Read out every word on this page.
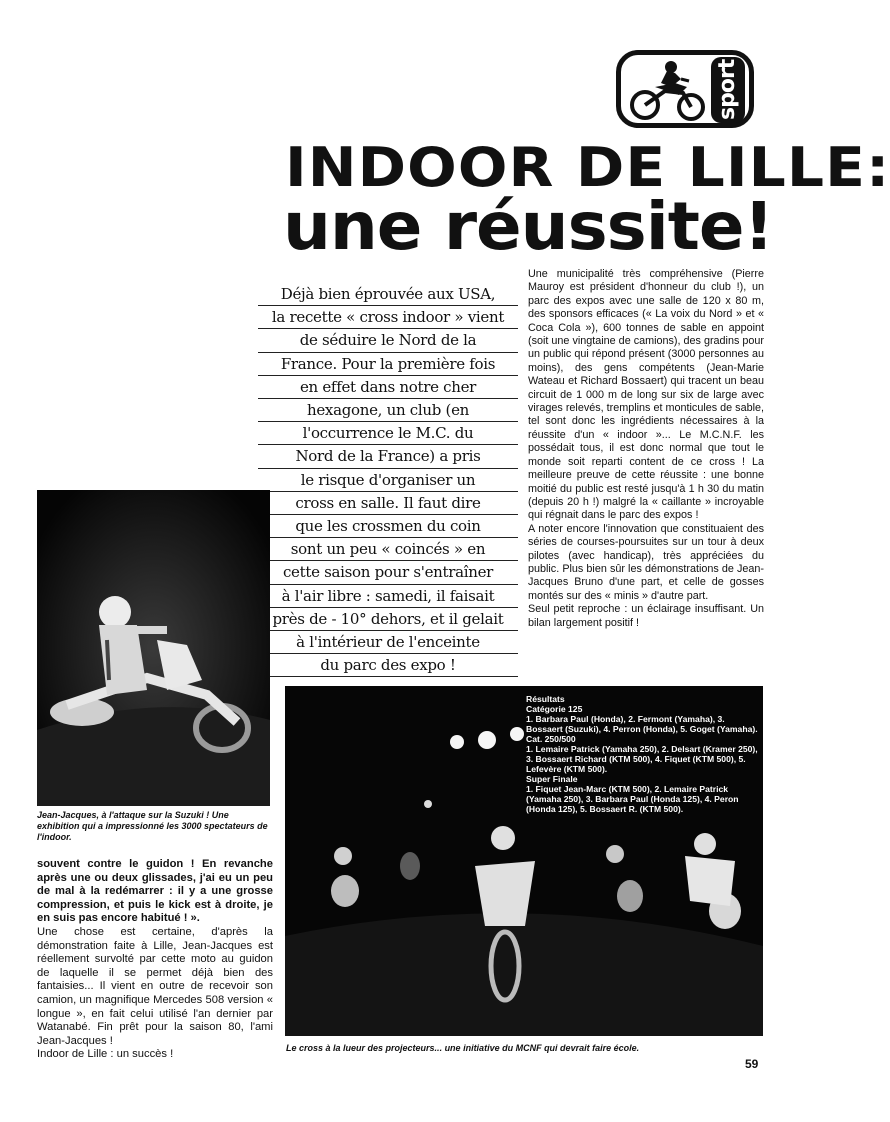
sport
INDOOR DE LILLE:
une réussite!
Déjà bien éprouvée aux USA,
la recette « cross indoor » vient
de séduire le Nord de la
France. Pour la première fois
en effet dans notre cher
hexagone, un club (en
l'occurrence le M.C. du
Nord de la France) a pris
le risque d'organiser un
cross en salle. Il faut dire
que les crossmen du coin
sont un peu « coincés » en
cette saison pour s'entraîner
à l'air libre : samedi, il faisait
près de - 10° dehors, et il gelait
à l'intérieur de l'enceinte
du parc des expo !

Une municipalité très compréhensive (Pierre Mauroy est président d'honneur du club !), un parc des expos avec une salle de 120 x 80 m, des sponsors efficaces (« La voix du Nord » et « Coca Cola »), 600 tonnes de sable en appoint (soit une vingtaine de camions), des gradins pour un public qui répond présent (3000 personnes au moins), des gens compétents (Jean-Marie Wateau et Richard Bossaert) qui tracent un beau circuit de 1 000 m de long sur six de large avec virages relevés, tremplins et monticules de sable, tel sont donc les ingrédients nécessaires à la réussite d'un « indoor »... Le M.C.N.F. les possédait tous, il est donc normal que tout le monde soit reparti content de ce cross ! La meilleure preuve de cette réussite : une bonne moitié du public est resté jusqu'à 1 h 30 du matin (depuis 20 h !) malgré la « caillante » incroyable qui régnait dans le parc des expos !

A noter encore l'innovation que constituaient des séries de courses-poursuites sur un tour à deux pilotes (avec handicap), très appréciées du public. Plus bien sûr les démonstrations de Jean-Jacques Bruno d'une part, et celle de gosses montés sur des « minis » d'autre part.

Seul petit reproche : un éclairage insuffisant. Un bilan largement positif !

Jean-Jacques, à l'attaque sur la Suzuki ! Une exhibition qui a impressionné les 3000 spectateurs de l'indoor.

souvent contre le guidon ! En revanche après une ou deux glissades, j'ai eu un peu de mal à la redémarrer : il y a une grosse compression, et puis le kick est à droite, je en suis pas encore habitué ! ».

Une chose est certaine, d'après la démonstration faite à Lille, Jean-Jacques est réellement survolté par cette moto au guidon de laquelle il se permet déjà bien des fantaisies... Il vient en outre de recevoir son camion, un magnifique Mercedes 508 version « longue », en fait celui utilisé l'an dernier par Watanabé. Fin prêt pour la saison 80, l'ami Jean-Jacques !

Indoor de Lille : un succès !

Résultats

Catégorie 125

1. Barbara Paul (Honda), 2. Fermont (Yamaha), 3. Bossaert (Suzuki), 4. Perron (Honda), 5. Goget (Yamaha).

Cat. 250/500

1. Lemaire Patrick (Yamaha 250), 2. Delsart (Kramer 250), 3. Bossaert Richard (KTM 500), 4. Fiquet (KTM 500), 5. Lefevère (KTM 500).

Super Finale

1. Fiquet Jean-Marc (KTM 500), 2. Lemaire Patrick (Yamaha 250), 3. Barbara Paul (Honda 125), 4. Peron (Honda 125), 5. Bossaert R. (KTM 500).

Le cross à la lueur des projecteurs... une initiative du MCNF qui devrait faire école.
59
